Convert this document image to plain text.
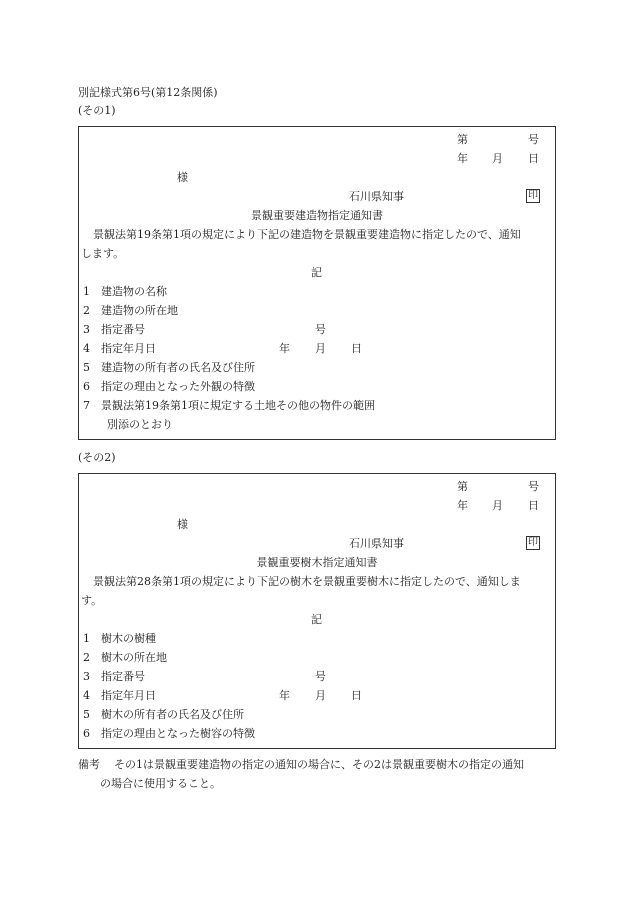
別記様式第6号(第12条関係)
(その1)
第	号
年 月 日
様
石川県知事	印
景観重要建造物指定通知書
景観法第19条第1項の規定により下記の建造物を景観重要建造物に指定したので、通知
します。
記
1 建造物の名称
2 建造物の所在地
3 指定番号	号
4 指定年月日	年 月 日
5 建造物の所有者の氏名及び住所
6 指定の理由となった外観の特徴
7 景観法第19条第1項に規定する土地その他の物件の範囲
別添のとおり
(その2)
第	号
年 月 日
様
石川県知事	印
景観重要樹木指定通知書
景観法第28条第1項の規定により下記の樹木を景観重要樹木に指定したので、通知しま
す。
記
1 樹木の樹種
2 樹木の所在地
3 指定番号	号
4 指定年月日	年 月 日
5 樹木の所有者の氏名及び住所
6 指定の理由となった樹容の特徴
備考 その1は景観重要建造物の指定の通知の場合に、その2は景観重要樹木の指定の通知
の場合に使用すること。
